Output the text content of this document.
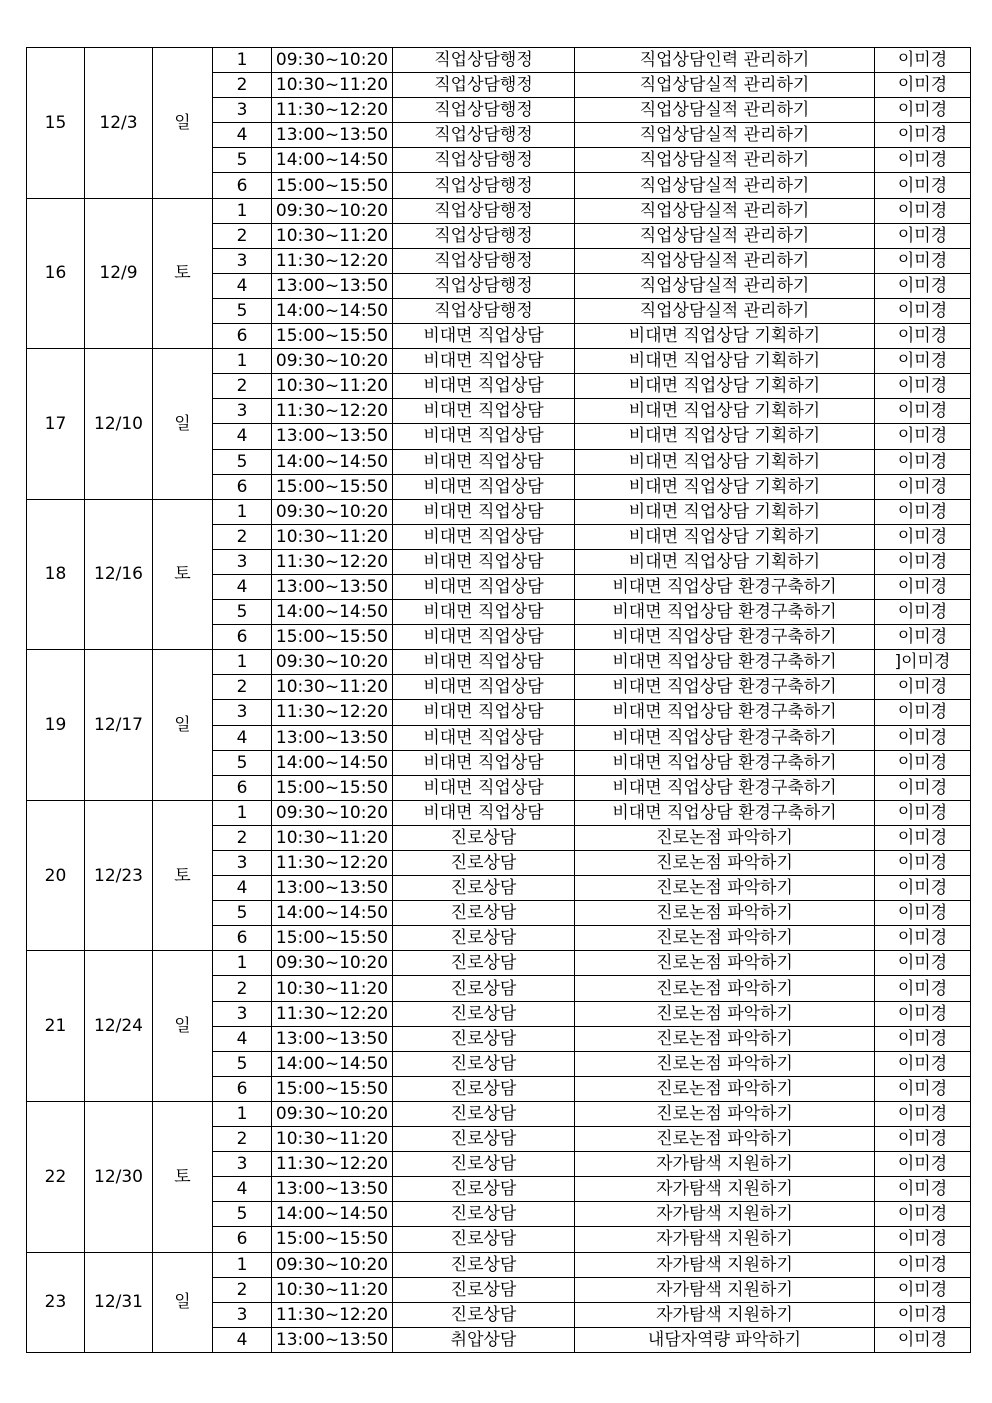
15	12/3	일	1	09:30~10:20	직업상담행정	직업상담인력 관리하기	이미경
			2	10:30~11:20	직업상담행정	직업상담실적 관리하기	이미경
			3	11:30~12:20	직업상담행정	직업상담실적 관리하기	이미경
			4	13:00~13:50	직업상담행정	직업상담실적 관리하기	이미경
			5	14:00~14:50	직업상담행정	직업상담실적 관리하기	이미경
			6	15:00~15:50	직업상담행정	직업상담실적 관리하기	이미경
16	12/9	토	1	09:30~10:20	직업상담행정	직업상담실적 관리하기	이미경
			2	10:30~11:20	직업상담행정	직업상담실적 관리하기	이미경
			3	11:30~12:20	직업상담행정	직업상담실적 관리하기	이미경
			4	13:00~13:50	직업상담행정	직업상담실적 관리하기	이미경
			5	14:00~14:50	직업상담행정	직업상담실적 관리하기	이미경
			6	15:00~15:50	비대면 직업상담	비대면 직업상담 기획하기	이미경
17	12/10	일	1	09:30~10:20	비대면 직업상담	비대면 직업상담 기획하기	이미경
			2	10:30~11:20	비대면 직업상담	비대면 직업상담 기획하기	이미경
			3	11:30~12:20	비대면 직업상담	비대면 직업상담 기획하기	이미경
			4	13:00~13:50	비대면 직업상담	비대면 직업상담 기획하기	이미경
			5	14:00~14:50	비대면 직업상담	비대면 직업상담 기획하기	이미경
			6	15:00~15:50	비대면 직업상담	비대면 직업상담 기획하기	이미경
18	12/16	토	1	09:30~10:20	비대면 직업상담	비대면 직업상담 기획하기	이미경
			2	10:30~11:20	비대면 직업상담	비대면 직업상담 기획하기	이미경
			3	11:30~12:20	비대면 직업상담	비대면 직업상담 기획하기	이미경
			4	13:00~13:50	비대면 직업상담	비대면 직업상담 환경구축하기	이미경
			5	14:00~14:50	비대면 직업상담	비대면 직업상담 환경구축하기	이미경
			6	15:00~15:50	비대면 직업상담	비대면 직업상담 환경구축하기	이미경
19	12/17	일	1	09:30~10:20	비대면 직업상담	비대면 직업상담 환경구축하기	]이미경
			2	10:30~11:20	비대면 직업상담	비대면 직업상담 환경구축하기	이미경
			3	11:30~12:20	비대면 직업상담	비대면 직업상담 환경구축하기	이미경
			4	13:00~13:50	비대면 직업상담	비대면 직업상담 환경구축하기	이미경
			5	14:00~14:50	비대면 직업상담	비대면 직업상담 환경구축하기	이미경
			6	15:00~15:50	비대면 직업상담	비대면 직업상담 환경구축하기	이미경
20	12/23	토	1	09:30~10:20	비대면 직업상담	비대면 직업상담 환경구축하기	이미경
			2	10:30~11:20	진로상담	진로논점 파악하기	이미경
			3	11:30~12:20	진로상담	진로논점 파악하기	이미경
			4	13:00~13:50	진로상담	진로논점 파악하기	이미경
			5	14:00~14:50	진로상담	진로논점 파악하기	이미경
			6	15:00~15:50	진로상담	진로논점 파악하기	이미경
21	12/24	일	1	09:30~10:20	진로상담	진로논점 파악하기	이미경
			2	10:30~11:20	진로상담	진로논점 파악하기	이미경
			3	11:30~12:20	진로상담	진로논점 파악하기	이미경
			4	13:00~13:50	진로상담	진로논점 파악하기	이미경
			5	14:00~14:50	진로상담	진로논점 파악하기	이미경
			6	15:00~15:50	진로상담	진로논점 파악하기	이미경
22	12/30	토	1	09:30~10:20	진로상담	진로논점 파악하기	이미경
			2	10:30~11:20	진로상담	진로논점 파악하기	이미경
			3	11:30~12:20	진로상담	자가탐색 지원하기	이미경
			4	13:00~13:50	진로상담	자가탐색 지원하기	이미경
			5	14:00~14:50	진로상담	자가탐색 지원하기	이미경
			6	15:00~15:50	진로상담	자가탐색 지원하기	이미경
23	12/31	일	1	09:30~10:20	진로상담	자가탐색 지원하기	이미경
			2	10:30~11:20	진로상담	자가탐색 지원하기	이미경
			3	11:30~12:20	진로상담	자가탐색 지원하기	이미경
			4	13:00~13:50	취압상담	내담자역량 파악하기	이미경
